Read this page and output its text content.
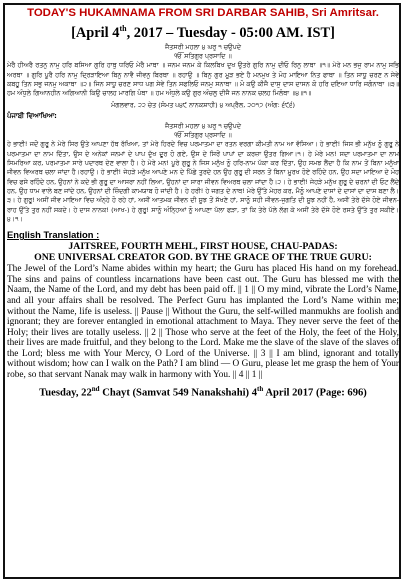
TODAY'S HUKAMNAMA FROM SRI DARBAR SAHIB, Sri Amritsar.
[April 4th, 2017 – Tuesday - 05:00 AM. IST]
ਜੈਤਸਰੀ ਮਹਲਾ ੪ ਘਰੁ ੧ ਚਉਪਦੇ
ੴ ਸਤਿਗੁਰ ਪ੍ਰਸਾਦਿ ॥
ਮੇਰੈ ਹੀਅਰੈ ਰਤਨੁ ਨਾਮੁ ਹਰਿ ਬਸਿਆ ਗੁਰਿ ਹਾਥੁ ਧਰਿਓ ਮੇਰੈ ਮਾਥਾ ॥ ਜਨਮ ਜਨਮ ਕੇ ਕਿਲਬਿਖ ਦੁਖ ਉਤਰੇ ਗੁਰਿ ਨਾਮੁ ਦੀਓ ਰਿਨੁ ਲਾਥਾ ॥੧॥ ਮੇਰੇ ਮਨ ਭਜੁ ਰਾਮ ਨਾਮੁ ਸਭਿ ਅਰਥਾ ॥ ਗੁਰਿ ਪੂਰੈ ਹਰਿ ਨਾਮੁ ਦ੍ਰਿੜਾਇਆ ਬਿਨੁ ਨਾਵੈ ਜੀਵਨੁ ਬਿਰਥਾ ॥ ਰਹਾਉ ॥ ਬਿਨੁ ਗੁਰ ਮੂੜ ਭਏ ਹੈ ਮਨਮੁਖ ਤੇ ਮੋਹ ਮਾਇਆ ਨਿਤ ਫਾਥਾ ॥ ਤਿਨ ਸਾਧੂ ਚਰਣ ਨ ਸੇਵੇ ਕਬਹੂ ਤਿਨ ਸਭੁ ਜਨਮੁ ਅਕਾਥਾ ॥੨॥ ਜਿਨ ਸਾਧੂ ਚਰਣ ਸਾਧ ਪਗ ਸੇਵੇ ਤਿਨ ਸਫਲਿਓ ਜਨਮੁ ਸਨਾਥਾ ॥ ਮੋ ਕਉ ਕੀਜੈ ਦਾਸੁ ਦਾਸ ਦਾਸਨ ਕੋ ਹਰਿ ਦਇਆ ਧਾਰਿ ਜਗੰਨਾਥਾ ॥੩॥ ਹਮ ਅੰਧੁਲੇ ਗਿਆਨਹੀਨ ਅਗਿਆਨੀ ਕਿਉ ਚਾਲਹ ਮਾਰਗਿ ਪੰਥਾ ॥ ਹਮ ਅੰਧੁਲੇ ਕਉ ਗੁਰ ਅੰਚਲੁ ਦੀਜੈ ਜਨ ਨਾਨਕ ਚਲਹ ਮਿਲੰਥਾ ॥੪॥੧॥
ਮੰਗਲਵਾਰ, ੨੨ ਚੇਤ (ਸੰਮਤ ੫੪੯ ਨਾਨਕਸ਼ਾਹੀ) ੪ ਅਪ੍ਰੈਲ, ੨੦੧੭ (ਅੰਗ: ੬੯੬)
ਪੰਜਾਬੀ ਵਿਆਖਿਆ:
ਜੈਤਸਰੀ ਮਹਲਾ ੪ ਘਰੁ ੧ ਚਉਪਦੇ
ੴ ਸਤਿਗੁਰ ਪ੍ਰਸਾਦਿ ॥
ਹੇ ਭਾਈ! ਜਦੋਂ ਗੁਰੂ ਨੇ ਮੇਰੇ ਸਿਰ ਉਤੇ ਆਪਣਾ ਹੱਥ ਰੱਖਿਆ, ਤਾਂ ਮੇਰੇ ਹਿਰਦੇ ਵਿਚ ਪਰਮਾਤਮਾ ਦਾ ਰਤਨ ਵਰਗਾ ਕੀਮਤੀ ਨਾਮ ਆ ਵੱਸਿਆ। ਹੇ ਭਾਈ! ਜਿਸ ਭੀ ਮਨੁੱਖ ਨੂੰ ਗੁਰੂ ਨੇ ਪਰਮਾਤਮਾ ਦਾ ਨਾਮ ਦਿੱਤਾ, ਉਸ ਦੇ ਅਨੇਕਾਂ ਜਨਮਾਂ ਦੇ ਪਾਪ ਦੁੱਖ ਦੂਰ ਹੋ ਗਏ, ਉਸ ਦੇ ਸਿਰੋਂ ਪਾਪਾਂ ਦਾ ਕਰਜ਼ਾ ਉਤਰ ਗਿਆ।੧। ਹੇ ਮੇਰੇ ਮਨ! ਸਦਾ ਪਰਮਾਤਮਾ ਦਾ ਨਾਮ ਸਿਮਰਿਆ ਕਰ, ਪਰਮਾਤਮਾ ਸਾਰੇ ਪਦਾਰਥ ਦੇਣ ਵਾਲਾ ਹੈ। ਹੇ ਮੇਰੇ ਮਨ! ਪੂਰੇ ਗੁਰੂ ਨੇ ਜਿਸ ਮਨੁੱਖ ਨੂੰ ਹਰਿ-ਨਾਮ ਪੱਕਾ ਕਰ ਦਿੱਤਾ, ਉਹ ਸਮਝ ਲੈਂਦਾ ਹੈ ਕਿ ਨਾਮ ਤੋਂ ਬਿਨਾ ਮਨੁੱਖਾ ਜੀਵਨ ਵਿਅਰਥ ਚਲਾ ਜਾਂਦਾ ਹੈ।ਰਹਾਉ। ਹੇ ਭਾਈ! ਜੇਹੜੇ ਮਨੁੱਖ ਆਪਣੇ ਮਨ ਦੇ ਪਿੱਛੇ ਤੁਰਦੇ ਹਨ ਉਹ ਗੁਰੂ ਦੀ ਸਰਨ ਤੋਂ ਬਿਨਾ ਮੂਰਖ ਹੋਏ ਰਹਿੰਦੇ ਹਨ, ਉਹ ਸਦਾ ਮਾਇਆ ਦੇ ਮੋਹ ਵਿਚ ਫਸੇ ਰਹਿੰਦੇ ਹਨ, ਉਹਨਾਂ ਨੇ ਕਦੇ ਭੀ ਗੁਰੂ ਦਾ ਆਸਰਾ ਨਹੀਂ ਲਿਆ, ਉਹਨਾਂ ਦਾ ਸਾਰਾ ਜੀਵਨ ਵਿਅਰਥ ਚਲਾ ਜਾਂਦਾ ਹੈ।੨। ਹੇ ਭਾਈ! ਜੇਹੜੇ ਮਨੁੱਖ ਗੁਰੂ ਦੇ ਚਰਨਾਂ ਦੀ ਓਟ ਲੈਂਦੇ ਹਨ, ਉਹ ਧਾਮ ਵਾਲੇ ਬਣ ਜਾਂਦੇ ਹਨ, ਉਹਨਾਂ ਦੀ ਜ਼ਿੰਦਗੀ ਕਾਮਯਾਬ ਹੋ ਜਾਂਦੀ ਹੈ। ਹੇ ਹਰੀ! ਹੇ ਜਗਤ ਦੇ ਨਾਥ! ਮੇਰੇ ਉੱਤੇ ਮੇਹਰ ਕਰ, ਮੈਨੂੰ ਆਪਣੇ ਦਾਸਾਂ ਦੇ ਦਾਸਾਂ ਦਾ ਦਾਸ ਬਣਾ ਲੈ।੩। ਹੇ ਗੁਰੂ! ਅਸੀਂ ਜੀਵ ਮਾਇਆ ਵਿਚ ਅੰਨ੍ਹੇ ਹੋ ਰਹੇ ਹਾਂ, ਅਸੀਂ ਆਤਮਕ ਜੀਵਨ ਦੀ ਸੂਝ ਤੋਂ ਸੱਖਣੇ ਹਾਂ, ਸਾਨੂੰ ਸਹੀ ਜੀਵਨ-ਜੁਗਤਿ ਦੀ ਸੂਝ ਨਹੀਂ ਹੈ, ਅਸੀਂ ਤੇਰੇ ਦੱਸੇ ਹੋਏ ਜੀਵਨ-ਰਾਹ ਉੱਤੇ ਤੁਰ ਨਹੀਂ ਸਕਦੇ। ਹੇ ਦਾਸ ਨਾਨਕ! (ਆਖ-) ਹੇ ਗੁਰੂ! ਸਾਨੂੰ ਅੰਨ੍ਹਿਆਂ ਨੂੰ ਆਪਣਾ ਪੱਲਾ ਫੜਾ, ਤਾਂ ਕਿ ਤੇਰੇ ਪੱਲੇ ਲੱਗ ਕੇ ਅਸੀਂ ਤੇਰੇ ਦੱਸੇ ਹੋਏ ਰਸਤੇ ਉੱਤੇ ਤੁਰ ਸਕੀਏ।੪।੧।
English Translation :
JAITSREE, FOURTH MEHL, FIRST HOUSE, CHAU-PADAS:
ONE UNIVERSAL CREATOR GOD. BY THE GRACE OF THE TRUE GURU:
The Jewel of the Lord’s Name abides within my heart; the Guru has placed His hand on my forehead. The sins and pains of countless incarnations have been cast out. The Guru has blessed me with the Naam, the Name of the Lord, and my debt has been paid off. || 1 || O my mind, vibrate the Lord’s Name, and all your affairs shall be resolved. The Perfect Guru has implanted the Lord’s Name within me; without the Name, life is useless. || Pause || Without the Guru, the self-willed manmukhs are foolish and ignorant; they are forever entangled in emotional attachment to Maya. They never serve the feet of the Holy; their lives are totally useless. || 2 || Those who serve at the feet of the Holy, the feet of the Holy, their lives are made fruitful, and they belong to the Lord. Make me the slave of the slave of the slaves of the Lord; bless me with Your Mercy, O Lord of the Universe. || 3 || I am blind, ignorant and totally without wisdom; how can I walk on the Path? I am blind — O Guru, please let me grasp the hem of Your robe, so that servant Nanak may walk in harmony with You. || 4 || 1 ||
Tuesday, 22nd Chayt (Samvat 549 Nanakshahi) 4th April 2017 (Page: 696)
